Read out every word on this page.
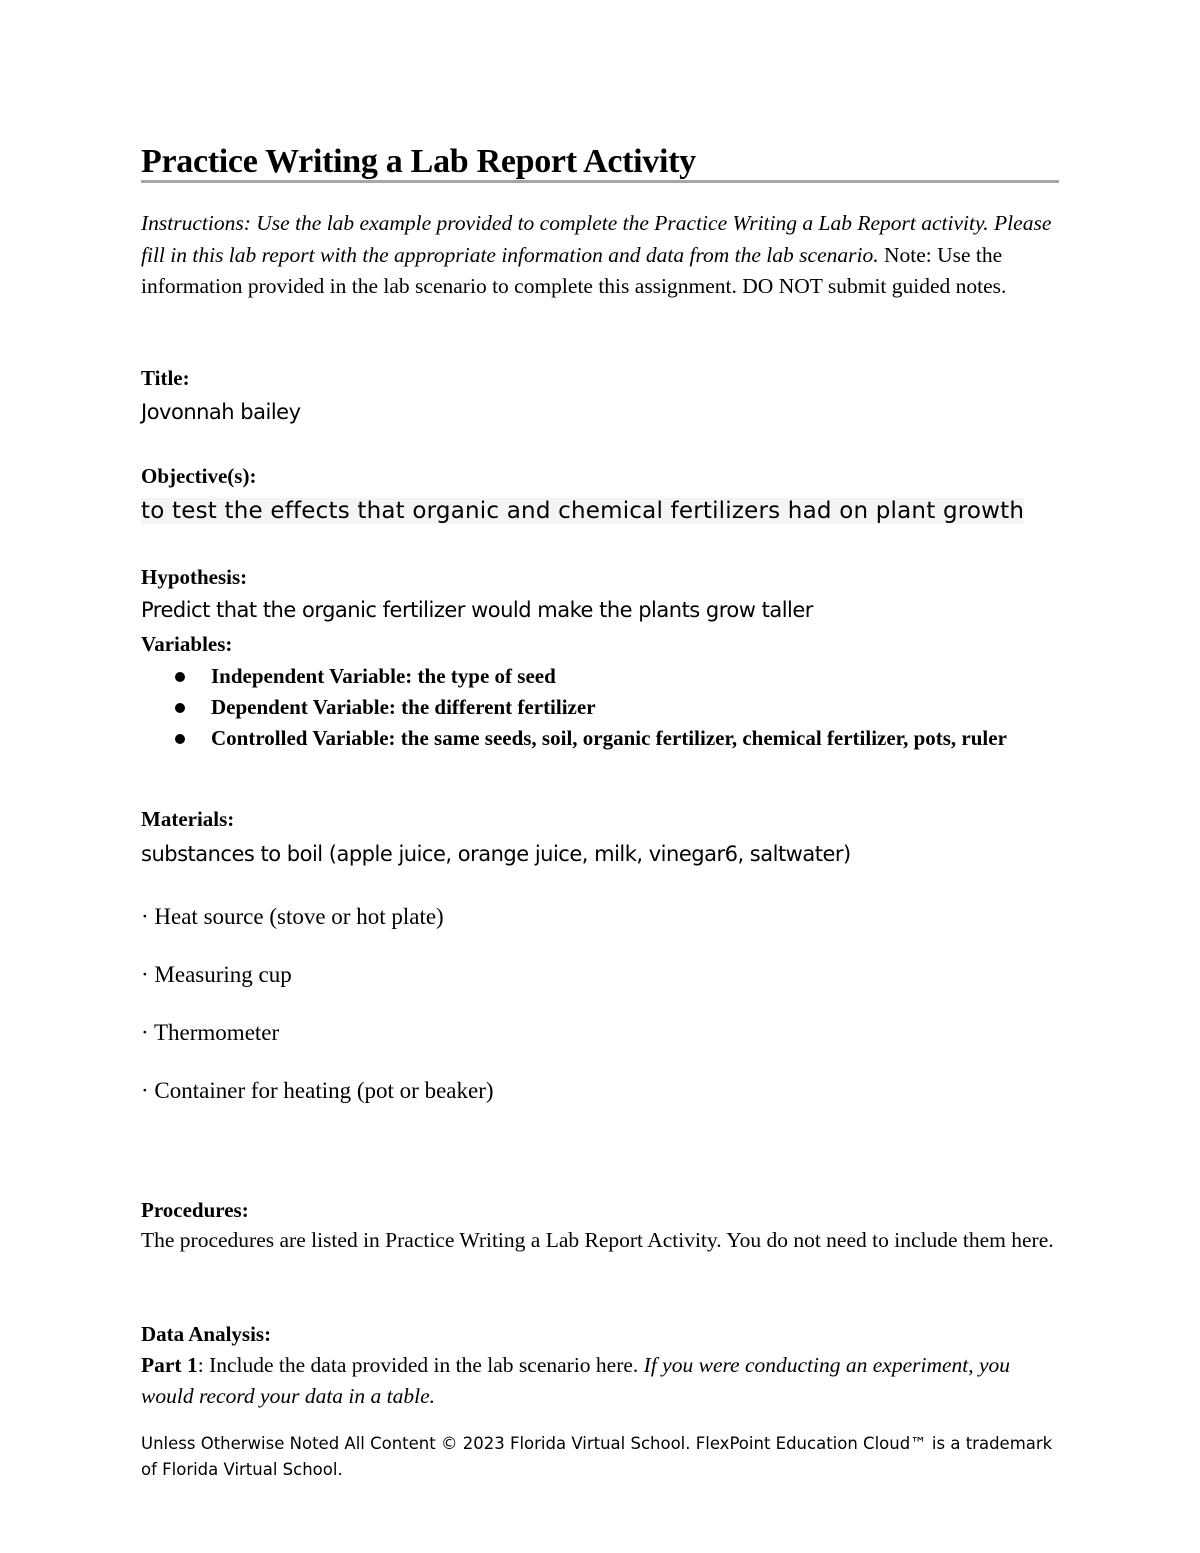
Practice Writing a Lab Report Activity
Instructions: Use the lab example provided to complete the Practice Writing a Lab Report activity. Please fill in this lab report with the appropriate information and data from the lab scenario. Note: Use the information provided in the lab scenario to complete this assignment. DO NOT submit guided notes.
Title:
Jovonnah bailey
Objective(s):
to test the effects that organic and chemical fertilizers had on plant growth
Hypothesis:
Predict that the organic fertilizer would make the plants grow taller
Variables:
Independent Variable: the type of seed
Dependent Variable: the different fertilizer
Controlled Variable: the same seeds, soil, organic fertilizer, chemical fertilizer, pots, ruler
Materials:
substances to boil (apple juice, orange juice, milk, vinegar6, saltwater)
· Heat source (stove or hot plate)
· Measuring cup
· Thermometer
· Container for heating (pot or beaker)
Procedures:
The procedures are listed in Practice Writing a Lab Report Activity. You do not need to include them here.
Data Analysis:
Part 1: Include the data provided in the lab scenario here. If you were conducting an experiment, you would record your data in a table.
Unless Otherwise Noted All Content © 2023 Florida Virtual School. FlexPoint Education Cloud™ is a trademark of Florida Virtual School.
